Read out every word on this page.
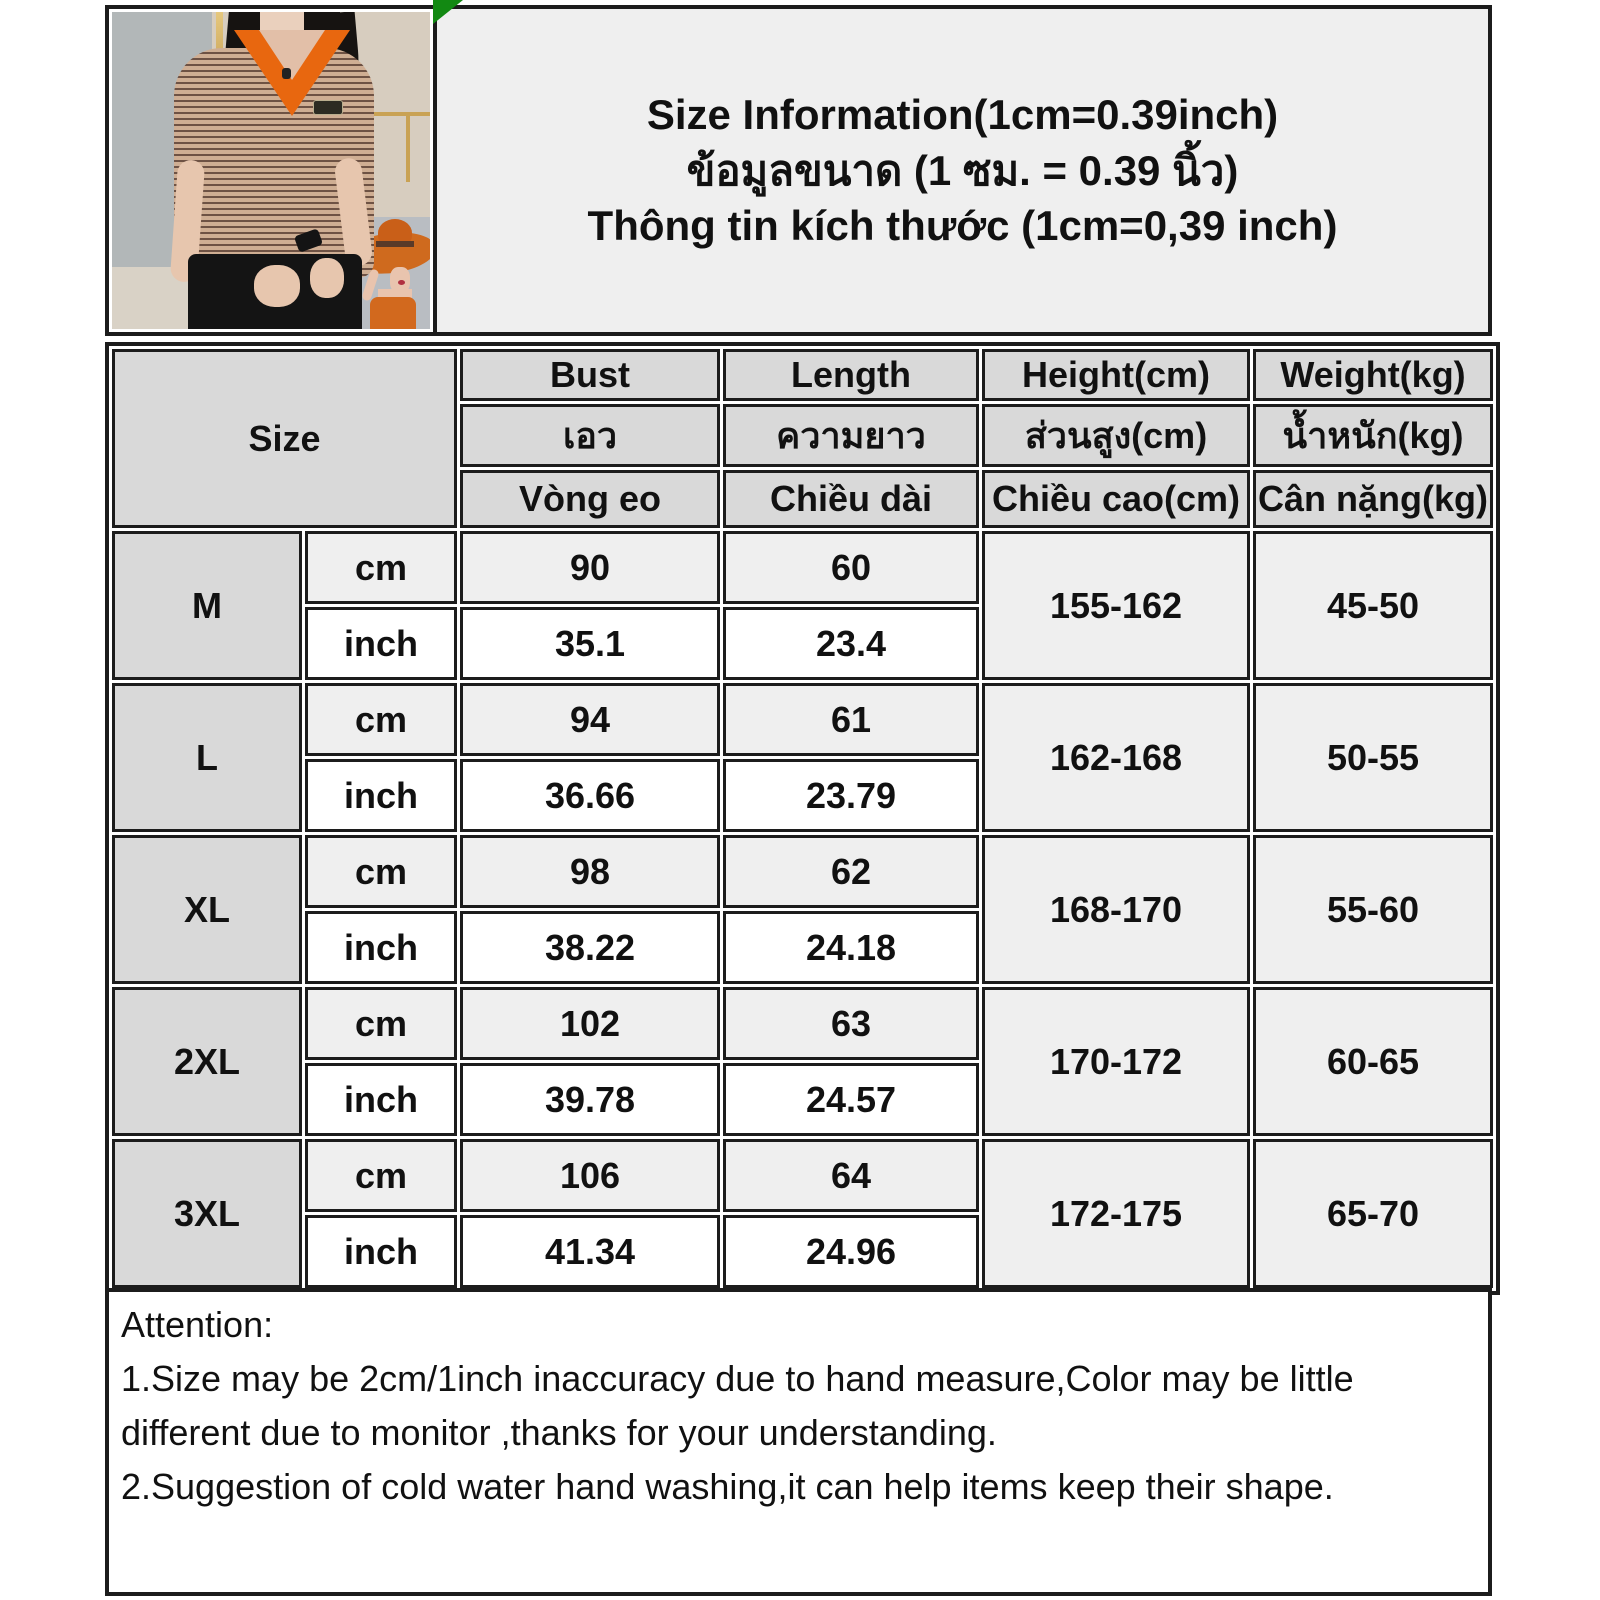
Size Information(1cm=0.39inch)
ข้อมูลขนาด (1 ซม. = 0.39 นิ้ว)
Thông tin kích thước (1cm=0,39 inch)
Size		Bust	Length	Height(cm)	Weight(kg)
		เอว	ความยาว	ส่วนสูง(cm)	น้ำหนัก(kg)
		Vòng eo	Chiều dài	Chiều cao(cm)	Cân nặng(kg)
M	cm	90	60	155-162	45-50
	inch	35.1	23.4		
L	cm	94	61	162-168	50-55
	inch	36.66	23.79		
XL	cm	98	62	168-170	55-60
	inch	38.22	24.18		
2XL	cm	102	63	170-172	60-65
	inch	39.78	24.57		
3XL	cm	106	64	172-175	65-70
	inch	41.34	24.96		
Attention:
1.Size may be 2cm/1inch inaccuracy due to hand measure,Color may be little different due to monitor ,thanks for your understanding.
2.Suggestion of cold water hand washing,it can help items keep their shape.
